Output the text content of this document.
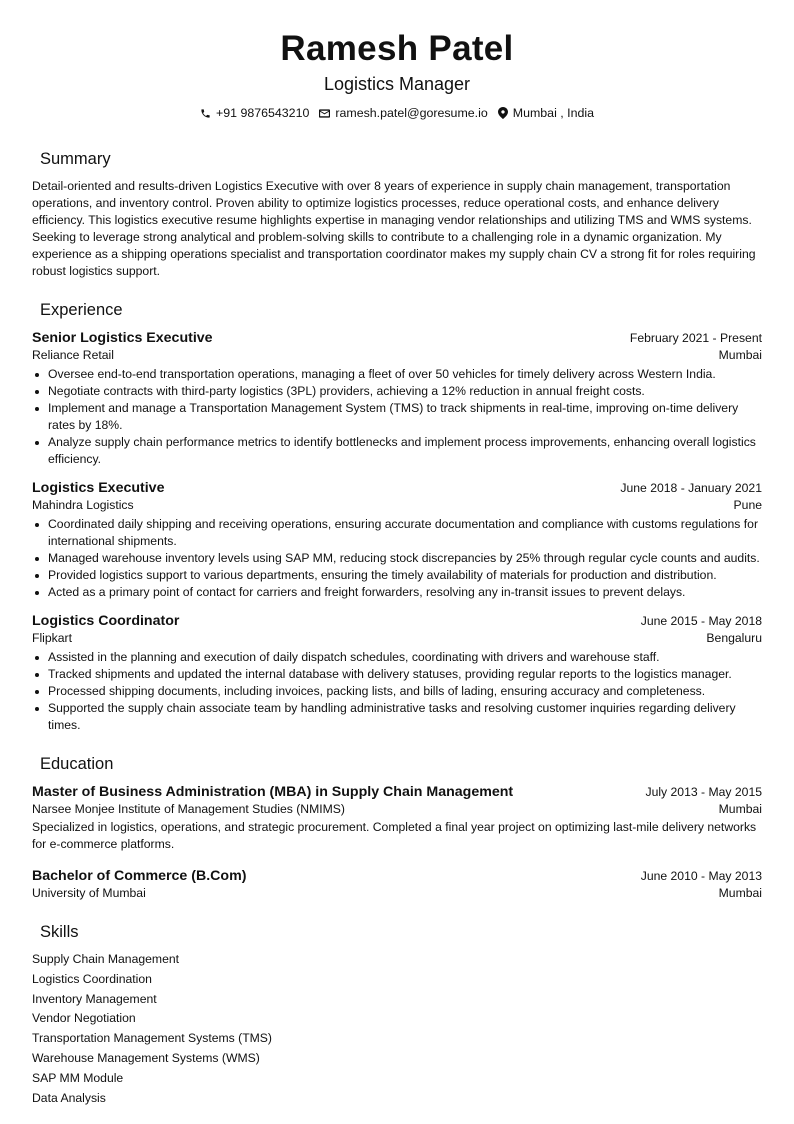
Ramesh Patel
Logistics Manager
+91 9876543210 ramesh.patel@goresume.io Mumbai , India
Summary
Detail-oriented and results-driven Logistics Executive with over 8 years of experience in supply chain management, transportation operations, and inventory control. Proven ability to optimize logistics processes, reduce operational costs, and enhance delivery efficiency. This logistics executive resume highlights expertise in managing vendor relationships and utilizing TMS and WMS systems. Seeking to leverage strong analytical and problem-solving skills to contribute to a challenging role in a dynamic organization. My experience as a shipping operations specialist and transportation coordinator makes my supply chain CV a strong fit for roles requiring robust logistics support.
Experience
Senior Logistics Executive	February 2021 - Present
Reliance Retail	Mumbai
Oversee end-to-end transportation operations, managing a fleet of over 50 vehicles for timely delivery across Western India.
Negotiate contracts with third-party logistics (3PL) providers, achieving a 12% reduction in annual freight costs.
Implement and manage a Transportation Management System (TMS) to track shipments in real-time, improving on-time delivery rates by 18%.
Analyze supply chain performance metrics to identify bottlenecks and implement process improvements, enhancing overall logistics efficiency.
Logistics Executive	June 2018 - January 2021
Mahindra Logistics	Pune
Coordinated daily shipping and receiving operations, ensuring accurate documentation and compliance with customs regulations for international shipments.
Managed warehouse inventory levels using SAP MM, reducing stock discrepancies by 25% through regular cycle counts and audits.
Provided logistics support to various departments, ensuring the timely availability of materials for production and distribution.
Acted as a primary point of contact for carriers and freight forwarders, resolving any in-transit issues to prevent delays.
Logistics Coordinator	June 2015 - May 2018
Flipkart	Bengaluru
Assisted in the planning and execution of daily dispatch schedules, coordinating with drivers and warehouse staff.
Tracked shipments and updated the internal database with delivery statuses, providing regular reports to the logistics manager.
Processed shipping documents, including invoices, packing lists, and bills of lading, ensuring accuracy and completeness.
Supported the supply chain associate team by handling administrative tasks and resolving customer inquiries regarding delivery times.
Education
Master of Business Administration (MBA) in Supply Chain Management	July 2013 - May 2015
Narsee Monjee Institute of Management Studies (NMIMS)	Mumbai
Specialized in logistics, operations, and strategic procurement. Completed a final year project on optimizing last-mile delivery networks for e-commerce platforms.
Bachelor of Commerce (B.Com)	June 2010 - May 2013
University of Mumbai	Mumbai
Skills
Supply Chain Management
Logistics Coordination
Inventory Management
Vendor Negotiation
Transportation Management Systems (TMS)
Warehouse Management Systems (WMS)
SAP MM Module
Data Analysis
